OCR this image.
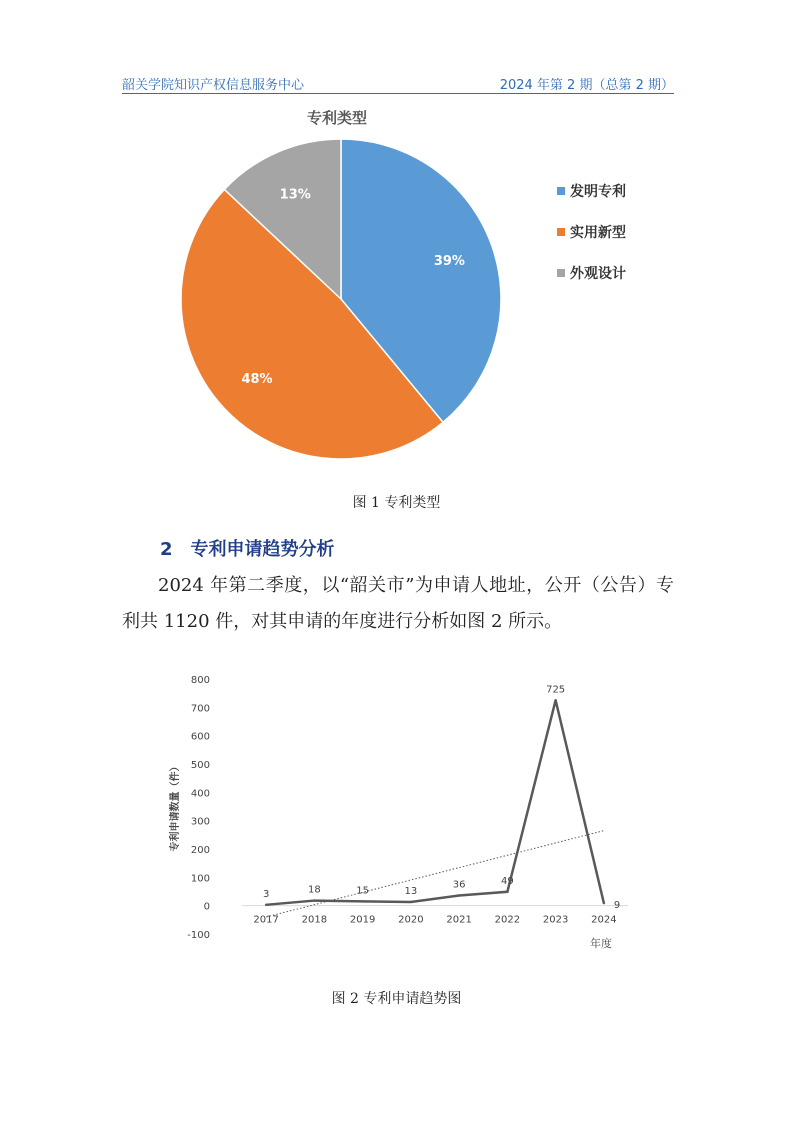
韶关学院知识产权信息服务中心	2024 年第 2 期（总第 2 期）
专利类型
39%
48%
13%	发明专利
实用新型
外观设计
图 1 专利类型
2 专利申请趋势分析
2024 年第二季度，以“韶关市”为申请人地址，公开（公告）专利共 1120 件，对其申请的年度进行分析如图 2 所示。
-100
0
100
200
300
400
500
600
700
800
专利申请数量（件）
2017 2018 2019 2020 2021 2022 2023 2024
年度
3	18	15	13
36	49
725
9
图 2 专利申请趋势图
